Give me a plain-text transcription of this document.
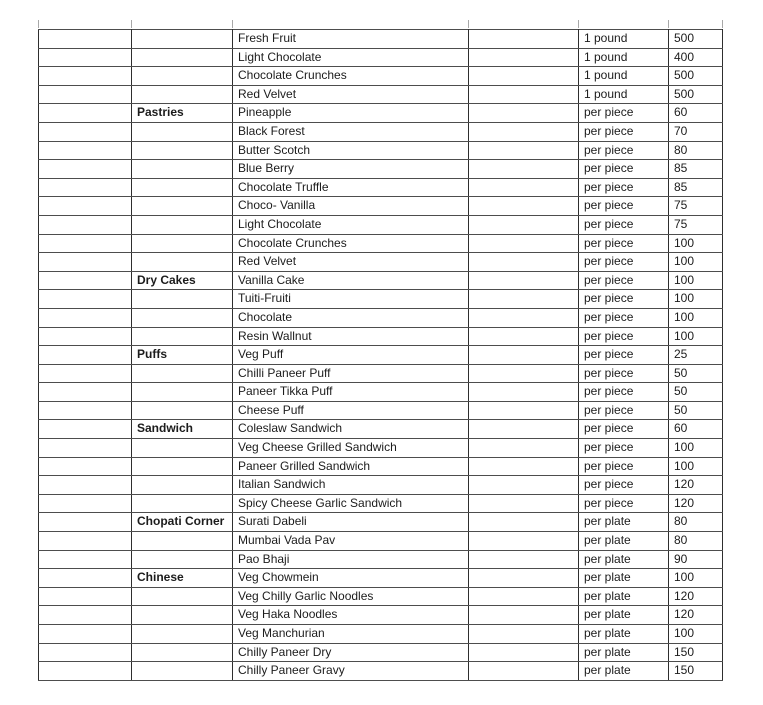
		Fresh Fruit		1 pound	500
		Light Chocolate		1 pound	400
		Chocolate Crunches		1 pound	500
		Red Velvet		1 pound	500
	Pastries	Pineapple		per piece	60
		Black Forest		per piece	70
		Butter Scotch		per piece	80
		Blue Berry		per piece	85
		Chocolate Truffle		per piece	85
		Choco- Vanilla		per piece	75
		Light Chocolate		per piece	75
		Chocolate Crunches		per piece	100
		Red Velvet		per piece	100
	Dry Cakes	Vanilla Cake		per piece	100
		Tuiti-Fruiti		per piece	100
		Chocolate		per piece	100
		Resin Wallnut		per piece	100
	Puffs	Veg Puff		per piece	25
		Chilli Paneer Puff		per piece	50
		Paneer Tikka Puff		per piece	50
		Cheese Puff		per piece	50
	Sandwich	Coleslaw Sandwich		per piece	60
		Veg Cheese Grilled Sandwich		per piece	100
		Paneer Grilled Sandwich		per piece	100
		Italian Sandwich		per piece	120
		Spicy Cheese Garlic Sandwich		per piece	120
	Chopati Corner	Surati Dabeli		per plate	80
		Mumbai Vada Pav		per plate	80
		Pao Bhaji		per plate	90
	Chinese	Veg Chowmein		per plate	100
		Veg Chilly Garlic Noodles		per plate	120
		Veg Haka Noodles		per plate	120
		Veg Manchurian		per plate	100
		Chilly Paneer Dry		per plate	150
		Chilly Paneer Gravy		per plate	150
